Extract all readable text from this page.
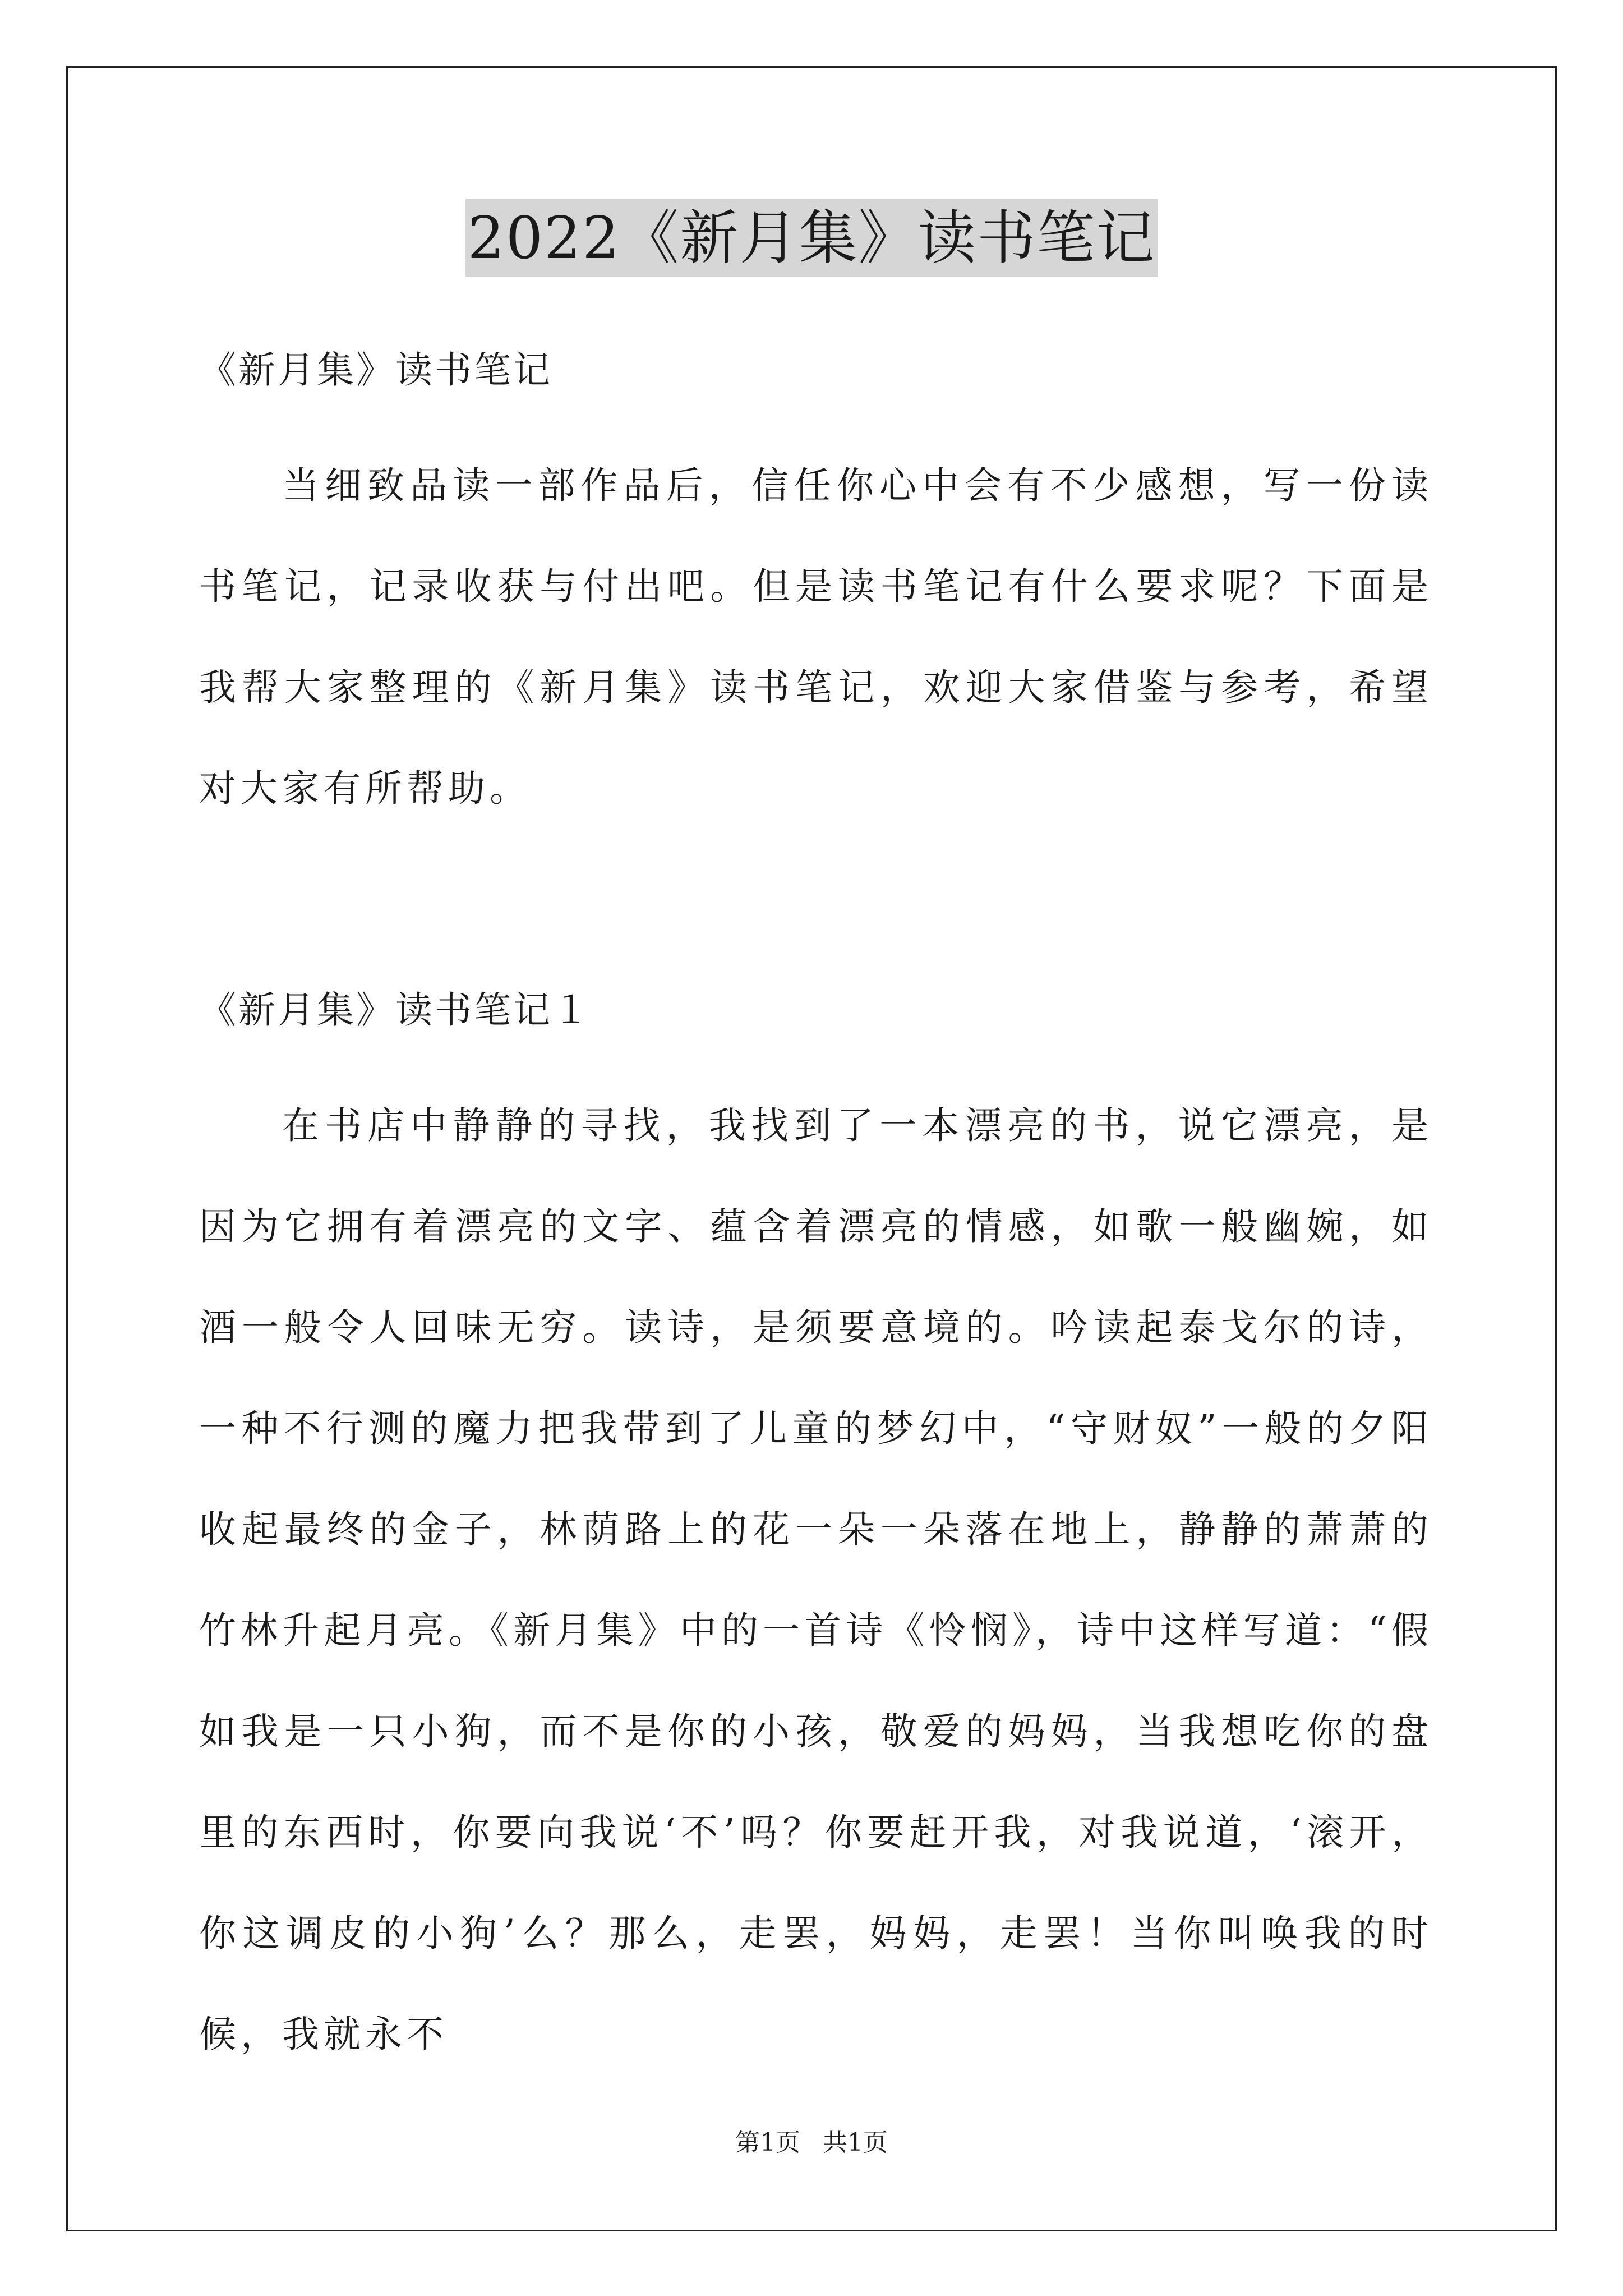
2022《新月集》读书笔记
《新月集》读书笔记

当细致品读一部作品后，信任你心中会有不少感想，写一份读书笔记，记录收获与付出吧。但是读书笔记有什么要求呢？下面是我帮大家整理的《新月集》读书笔记，欢迎大家借鉴与参考，希望对大家有所帮助。

《新月集》读书笔记１

在书店中静静的寻找，我找到了一本漂亮的书，说它漂亮，是因为它拥有着漂亮的文字、蕴含着漂亮的情感，如歌一般幽婉，如酒一般令人回味无穷。读诗，是须要意境的。吟读起泰戈尔的诗，一种不行测的魔力把我带到了儿童的梦幻中，“守财奴”一般的夕阳收起最终的金子，林荫路上的花一朵一朵落在地上，静静的萧萧的竹林升起月亮。《新月集》中的一首诗《怜悯》，诗中这样写道：“假如我是一只小狗，而不是你的小孩，敬爱的妈妈，当我想吃你的盘里的东西时，你要向我说‘不’吗？你要赶开我，对我说道，‘滚开，你这调皮的小狗’么？那么，走罢，妈妈，走罢！当你叫唤我的时候，我就永不

第1页 共1页
